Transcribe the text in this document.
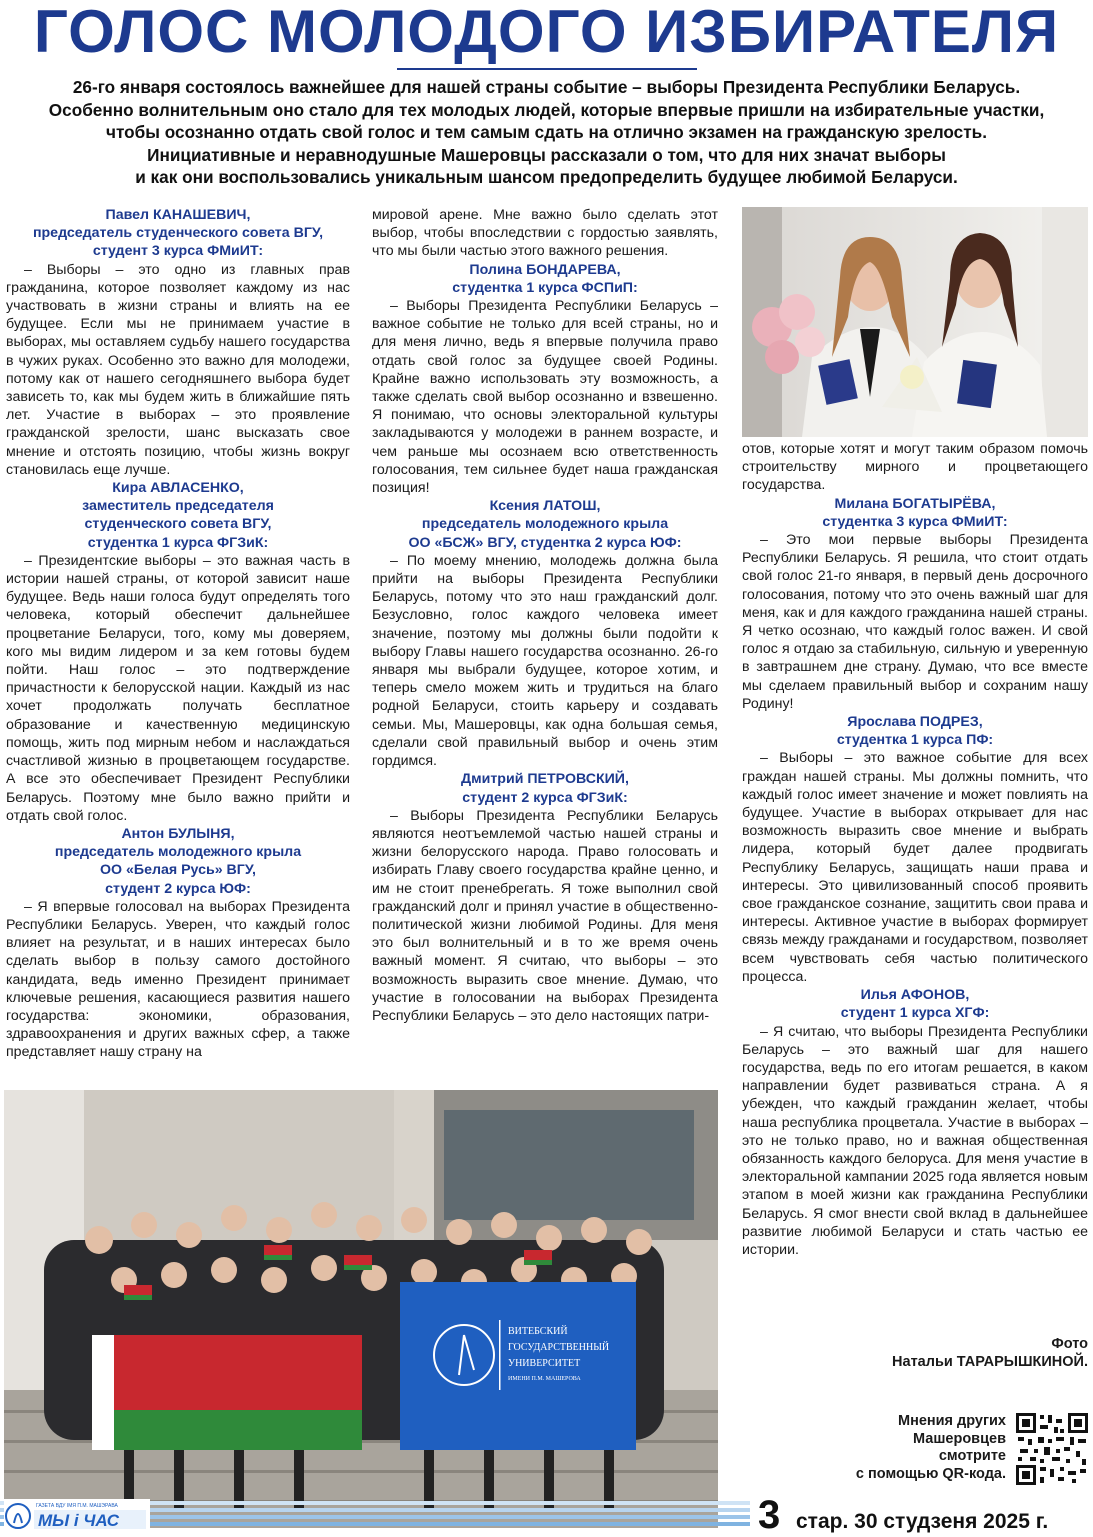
ГОЛОС МОЛОДОГО ИЗБИРАТЕЛЯ

26-го января состоялось важнейшее для нашей страны событие – выборы Президента Республики Беларусь.

Особенно волнительным оно стало для тех молодых людей, которые впервые пришли на избирательные участки,

чтобы осознанно отдать свой голос и тем самым сдать на отлично экзамен на гражданскую зрелость.

Инициативные и неравнодушные Машеровцы рассказали о том, что для них значат выборы

и как они воспользовались уникальным шансом предопределить будущее любимой Беларуси.

Павел КАНАШЕВИЧ,

председатель студенческого совета ВГУ,

студент 3 курса ФМиИТ:

– Выборы – это одно из главных прав гражданина, которое позволяет каждому из нас участвовать в жизни страны и влиять на ее будущее. Если мы не принимаем участие в выборах, мы оставляем судьбу нашего государства в чужих руках. Особенно это важно для молодежи, потому как от нашего сегодняшнего выбора будет зависеть то, как мы будем жить в ближайшие пять лет. Участие в выборах – это проявление гражданской зрелости, шанс высказать свое мнение и отстоять позицию, чтобы жизнь вокруг становилась еще лучше.

Кира АВЛАСЕНКО,

заместитель председателя

студенческого совета ВГУ,

студентка 1 курса ФГЗиК:

– Президентские выборы – это важная часть в истории нашей страны, от которой зависит наше будущее. Ведь наши голоса будут определять того человека, который обеспечит дальнейшее процветание Беларуси, того, кому мы доверяем, кого мы видим лидером и за кем готовы будем пойти. Наш голос – это подтверждение причастности к белорусской нации. Каждый из нас хочет продолжать получать бесплатное образование и качественную медицинскую помощь, жить под мирным небом и наслаждаться счастливой жизнью в процветающем государстве. А все это обеспечивает Президент Республики Беларусь. Поэтому мне было важно прийти и отдать свой голос.

Антон БУЛЫНЯ,

председатель молодежного крыла

ОО «Белая Русь» ВГУ,

студент 2 курса ЮФ:

– Я впервые голосовал на выборах Президента Республики Беларусь. Уверен, что каждый голос влияет на результат, и в наших интересах было сделать выбор в пользу самого достойного кандидата, ведь именно Президент принимает ключевые решения, касающиеся развития нашего государства: экономики, образования, здравоохранения и других важных сфер, а также представляет нашу страну на

мировой арене. Мне важно было сделать этот выбор, чтобы впоследствии с гордостью заявлять, что мы были частью этого важного решения.

Полина БОНДАРЕВА,

студентка 1 курса ФСПиП:

– Выборы Президента Республики Беларусь – важное событие не только для всей страны, но и для меня лично, ведь я впервые получила право отдать свой голос за будущее своей Родины. Крайне важно использовать эту возможность, а также сделать свой выбор осознанно и взвешенно. Я понимаю, что основы электоральной культуры закладываются у молодежи в раннем возрасте, и чем раньше мы осознаем всю ответственность голосования, тем сильнее будет наша гражданская позиция!

Ксения ЛАТОШ,

председатель молодежного крыла

ОО «БСЖ» ВГУ, студентка 2 курса ЮФ:

– По моему мнению, молодежь должна была прийти на выборы Президента Республики Беларусь, потому что это наш гражданский долг. Безусловно, голос каждого человека имеет значение, поэтому мы должны были подойти к выбору Главы нашего государства осознанно. 26-го января мы выбрали будущее, которое хотим, и теперь смело можем жить и трудиться на благо родной Беларуси, стоить карьеру и создавать семьи. Мы, Машеровцы, как одна большая семья, сделали свой правильный выбор и очень этим гордимся.

Дмитрий ПЕТРОВСКИЙ,

студент 2 курса ФГЗиК:

– Выборы Президента Республики Беларусь являются неотъемлемой частью нашей страны и жизни белорусского народа. Право голосовать и избирать Главу своего государства крайне ценно, и им не стоит пренебрегать. Я тоже выполнил свой гражданский долг и принял участие в общественно-политической жизни любимой Родины. Для меня это был волнительный и в то же время очень важный момент. Я считаю, что выборы – это возможность выразить свое мнение. Думаю, что участие в голосовании на выборах Президента Республики Беларусь – это дело настоящих патри-

отов, которые хотят и могут таким образом помочь строительству мирного и процветающего государства.

Милана БОГАТЫРЁВА,

студентка 3 курса ФМиИТ:

– Это мои первые выборы Президента Республики Беларусь. Я решила, что стоит отдать свой голос 21-го января, в первый день досрочного голосования, потому что это очень важный шаг для меня, как и для каждого гражданина нашей страны. Я четко осознаю, что каждый голос важен. И свой голос я отдаю за стабильную, сильную и уверенную в завтрашнем дне страну. Думаю, что все вместе мы сделаем правильный выбор и сохраним нашу Родину!

Ярослава ПОДРЕЗ,

студентка 1 курса ПФ:

– Выборы – это важное событие для всех граждан нашей страны. Мы должны помнить, что каждый голос имеет значение и может повлиять на будущее. Участие в выборах открывает для нас возможность выразить свое мнение и выбрать лидера, который будет далее продвигать Республику Беларусь, защищать наши права и интересы. Это цивилизованный способ проявить свое гражданское сознание, защитить свои права и интересы. Активное участие в выборах формирует связь между гражданами и государством, позволяет всем чувствовать себя частью политического процесса.

Илья АФОНОВ,

студент 1 курса ХГФ:

– Я считаю, что выборы Президента Республики Беларусь – это важный шаг для нашего государства, ведь по его итогам решается, в каком направлении будет развиваться страна. А я убежден, что каждый гражданин желает, чтобы наша республика процветала. Участие в выборах – это не только право, но и важная общественная обязанность каждого белоруса. Для меня участие в электоральной кампании 2025 года является новым этапом в моей жизни как гражданина Республики Беларусь. Я смог внести свой вклад в дальнейшее развитие любимой Беларуси и стать частью ее истории.

ВИТЕБСКИЙ
ГОСУДАРСТВЕННЫЙ
УНИВЕРСИТЕТ
ИМЕНИ П.М. МАШЕРОВА
Фото
Натальи ТАРАРЫШКИНОЙ.
Мнения других
Машеровцев
смотрите
с помощью QR-кода.
ГАЗЕТА ВДУ ІМЯ П.М. МАШЭРАВА
МЫ і ЧАС	3 стар. 30 студзеня 2025 г.
